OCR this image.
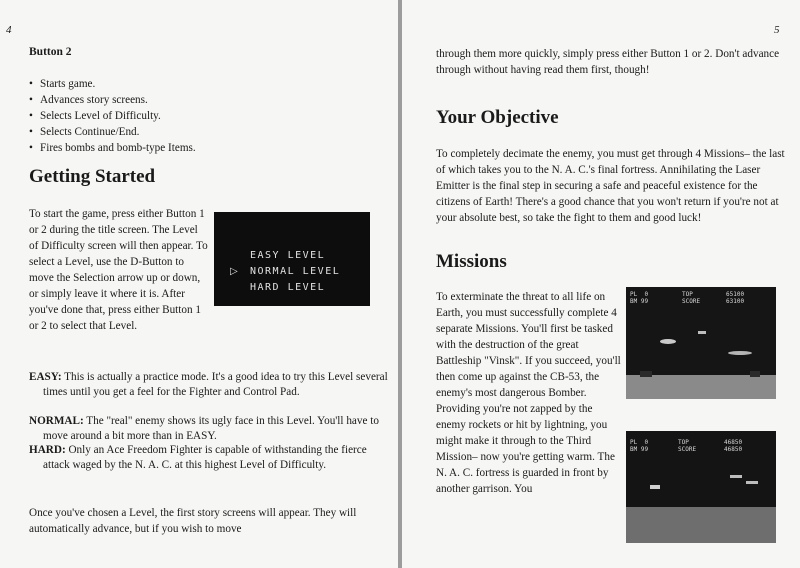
4
Button 2
• Starts game.
• Advances story screens.
• Selects Level of Difficulty.
• Selects Continue/End.
• Fires bombs and bomb-type Items.
Getting Started

To start the game, press either Button 1 or 2 during the title screen. The Level of Difficulty screen will then appear. To select a Level, use the D-Button to move the Selection arrow up or down, or simply leave it where it is. After you've done that, press either Button 1 or 2 to select that Level.

EASY LEVEL
NORMAL LEVEL
HARD LEVEL
▷
EASY: This is actually a practice mode. It's a good idea to try this Level several times until you get a feel for the Fighter and Control Pad.
NORMAL: The "real" enemy shows its ugly face in this Level. You'll have to move around a bit more than in EASY.
HARD: Only an Ace Freedom Fighter is capable of withstanding the fierce attack waged by the N. A. C. at this highest Level of Difficulty.

Once you've chosen a Level, the first story screens will appear. They will automatically advance, but if you wish to move

5

through them more quickly, simply press either Button 1 or 2. Don't advance through without having read them first, though!

Your Objective

To completely decimate the enemy, you must get through 4 Missions– the last of which takes you to the N. A. C.'s final fortress. Annihilating the Laser Emitter is the final step in securing a safe and peaceful existence for the citizens of Earth! There's a good chance that you won't return if you're not at your absolute best, so take the fight to them and good luck!

Missions

To exterminate the threat to all life on Earth, you must successfully complete 4 separate Missions. You'll first be tasked with the destruction of the great Battleship "Vinsk". If you succeed, you'll then come up against the CB-53, the enemy's most dangerous Bomber. Providing you're not zapped by the enemy rockets or hit by lightning, you might make it through to the Third Mission– now you're getting warm. The N. A. C. fortress is guarded in front by another garrison. You

PL  0
BM 99
TOP
SCORE
65100
63100
PL  0
BM 99
TOP
SCORE
46850
46850
